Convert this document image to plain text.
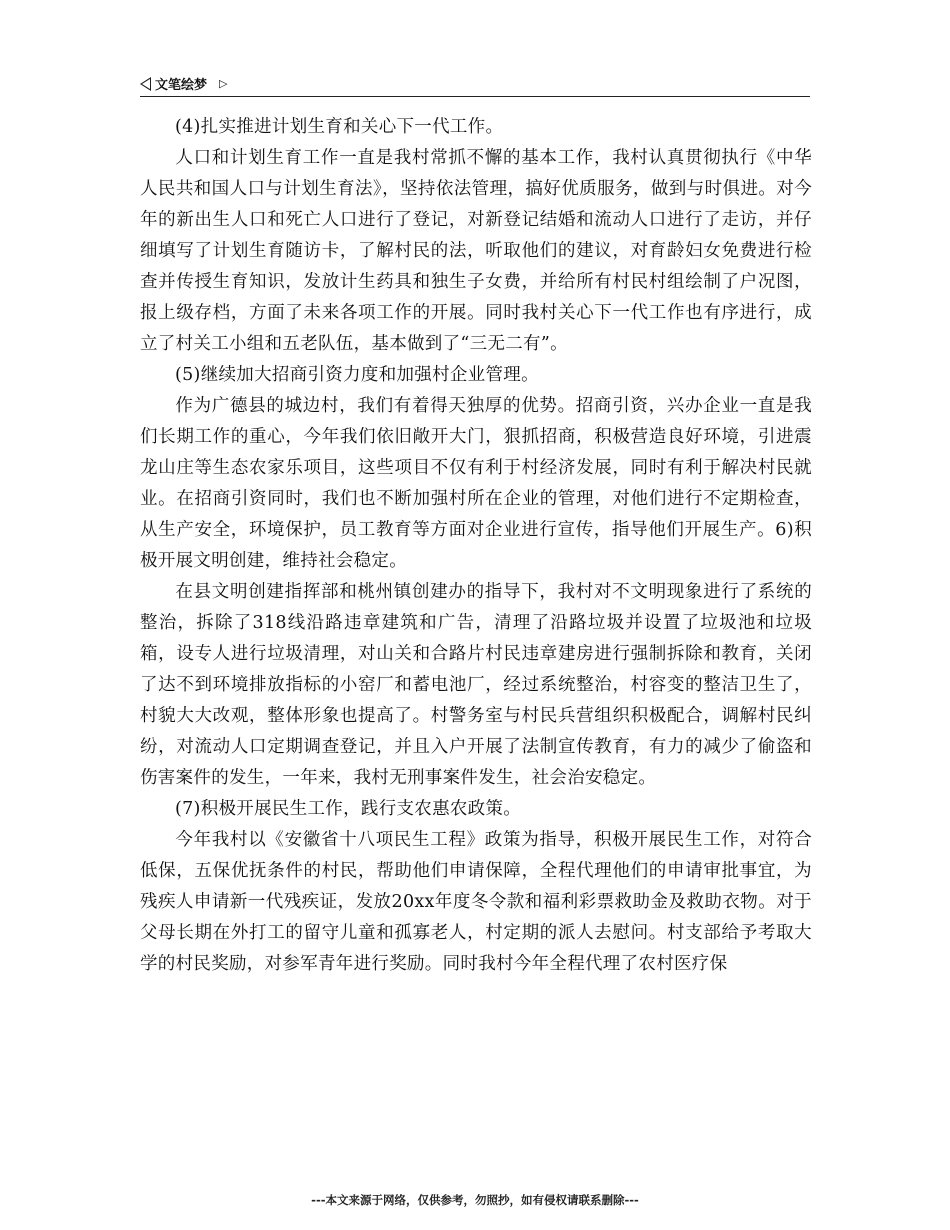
文笔绘梦 ▷

(4)扎实推进计划生育和关心下一代工作。

人口和计划生育工作一直是我村常抓不懈的基本工作，我村认真贯彻执行《中华人民共和国人口与计划生育法》，坚持依法管理，搞好优质服务，做到与时俱进。对今年的新出生人口和死亡人口进行了登记，对新登记结婚和流动人口进行了走访，并仔细填写了计划生育随访卡，了解村民的法，听取他们的建议，对育龄妇女免费进行检查并传授生育知识，发放计生药具和独生子女费，并给所有村民村组绘制了户况图，报上级存档，方面了未来各项工作的开展。同时我村关心下一代工作也有序进行，成立了村关工小组和五老队伍，基本做到了“三无二有”。

(5)继续加大招商引资力度和加强村企业管理。

作为广德县的城边村，我们有着得天独厚的优势。招商引资，兴办企业一直是我们长期工作的重心，今年我们依旧敞开大门，狠抓招商，积极营造良好环境，引进震龙山庄等生态农家乐项目，这些项目不仅有利于村经济发展，同时有利于解决村民就业。在招商引资同时，我们也不断加强村所在企业的管理，对他们进行不定期检查，从生产安全，环境保护，员工教育等方面对企业进行宣传，指导他们开展生产。6)积极开展文明创建，维持社会稳定。

在县文明创建指挥部和桃州镇创建办的指导下，我村对不文明现象进行了系统的整治，拆除了318线沿路违章建筑和广告，清理了沿路垃圾并设置了垃圾池和垃圾箱，设专人进行垃圾清理，对山关和合路片村民违章建房进行强制拆除和教育，关闭了达不到环境排放指标的小窑厂和蓄电池厂，经过系统整治，村容变的整洁卫生了，村貌大大改观，整体形象也提高了。村警务室与村民兵营组织积极配合，调解村民纠纷，对流动人口定期调查登记，并且入户开展了法制宣传教育，有力的减少了偷盗和伤害案件的发生，一年来，我村无刑事案件发生，社会治安稳定。

(7)积极开展民生工作，践行支农惠农政策。

今年我村以《安徽省十八项民生工程》政策为指导，积极开展民生工作，对符合低保，五保优抚条件的村民，帮助他们申请保障，全程代理他们的申请审批事宜，为残疾人申请新一代残疾证，发放20xx年度冬令款和福利彩票救助金及救助衣物。对于父母长期在外打工的留守儿童和孤寡老人，村定期的派人去慰问。村支部给予考取大学的村民奖励，对参军青年进行奖励。同时我村今年全程代理了农村医疗保

---本文来源于网络，仅供参考，勿照抄，如有侵权请联系删除---
